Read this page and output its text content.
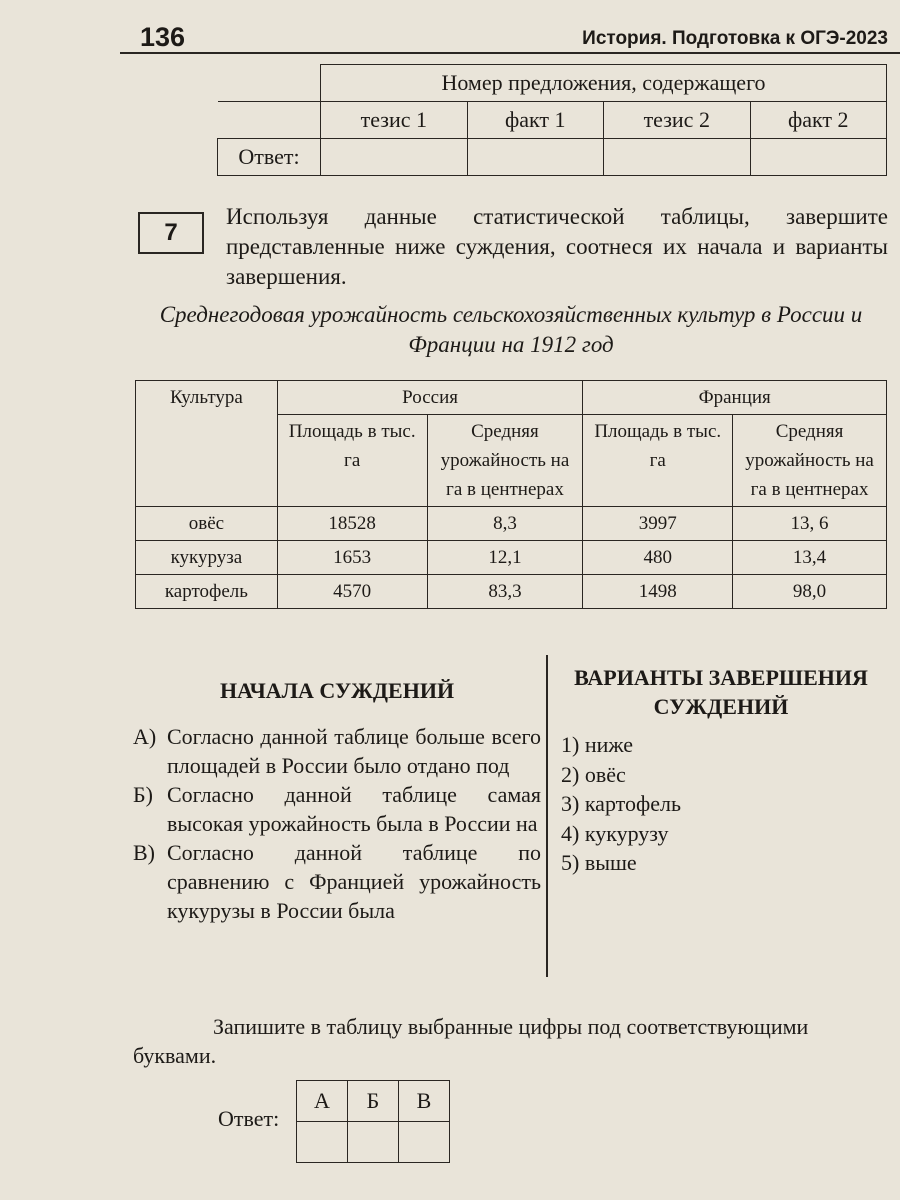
136	История. Подготовка к ОГЭ-2023
	Номер предложения, содержащего			
	тезис 1	факт 1	тезис 2	факт 2
Ответ:				
7
Используя данные статистической таблицы, завершите представленные ниже суждения, соотнеся их начала и варианты завершения.
Среднегодовая урожайность сельскохозяйственных культур в России и Франции на 1912 год
Культура	Россия		Франция	
	Площадь в тыс. га	Средняя урожайность на га в центнерах	Площадь в тыс. га	Средняя урожайность на га в центнерах
овёс	18528	8,3	3997	13, 6
кукуруза	1653	12,1	480	13,4
картофель	4570	83,3	1498	98,0
НАЧАЛА СУЖДЕНИЙ
ВАРИАНТЫ ЗАВЕРШЕНИЯ СУЖДЕНИЙ
А) Согласно данной таблице больше всего площадей в России было отдано под
Б) Согласно данной таблице самая высокая урожайность была в России на
В) Согласно данной таблице по сравнению с Францией урожайность кукурузы в России была
1) ниже
2) овёс
3) картофель
4) кукурузу
5) выше
Запишите в таблицу выбранные цифры под соответствующими буквами.
Ответ:
А	Б	В
